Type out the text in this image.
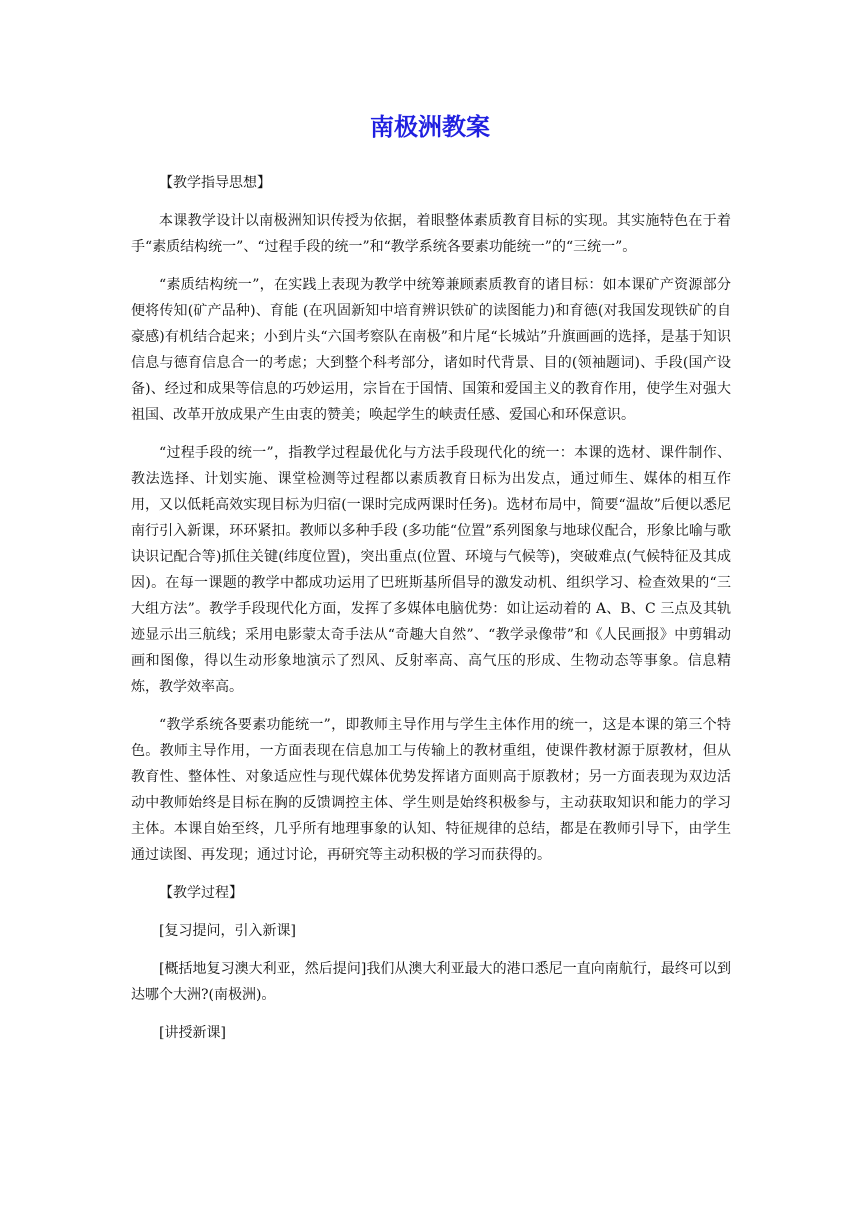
南极洲教案

【教学指导思想】

本课教学设计以南极洲知识传授为依据，着眼整体素质教育目标的实现。其实施特色在于着手“素质结构统一”、“过程手段的统一”和“教学系统各要素功能统一”的“三统一”。

“素质结构统一”，在实践上表现为教学中统筹兼顾素质教育的诸目标：如本课矿产资源部分便将传知(矿产品种)、育能 (在巩固新知中培育辨识铁矿的读图能力)和育德(对我国发现铁矿的自豪感)有机结合起来；小到片头“六国考察队在南极”和片尾“长城站”升旗画画的选择，是基于知识信息与德育信息合一的考虑；大到整个科考部分，诸如时代背景、目的(领袖题词)、手段(国产设备)、经过和成果等信息的巧妙运用，宗旨在于国情、国策和爱国主义的教育作用，使学生对强大祖国、改革开放成果产生由衷的赞美；唤起学生的峡责任感、爱国心和环保意识。

“过程手段的统一”，指教学过程最优化与方法手段现代化的统一：本课的选材、课件制作、教法选择、计划实施、课堂检测等过程都以素质教育日标为出发点，通过师生、媒体的相互作用，又以低耗高效实现目标为归宿(一课时完成两课时任务)。选材布局中，简要“温故”后便以悉尼南行引入新课，环环紧扣。教师以多种手段 (多功能“位置”系列图象与地球仪配合，形象比喻与歌诀识记配合等)抓住关键(纬度位置)，突出重点(位置、环境与气候等)，突破难点(气候特征及其成因)。在每一课题的教学中都成功运用了巴班斯基所倡导的激发动机、组织学习、检查效果的“三大组方法”。教学手段现代化方面，发挥了多媒体电脑优势：如让运动着的 A、B、C 三点及其轨迹显示出三航线；采用电影蒙太奇手法从“奇趣大自然”、“教学录像带”和《人民画报》中剪辑动画和图像，得以生动形象地演示了烈风、反射率高、高气压的形成、生物动态等事象。信息精炼，教学效率高。

“教学系统各要素功能统一”，即教师主导作用与学生主体作用的统一，这是本课的第三个特色。教师主导作用，一方面表现在信息加工与传输上的教材重组，使课件教材源于原教材，但从教育性、整体性、对象适应性与现代媒体优势发挥诸方面则高于原教材；另一方面表现为双边活动中教师始终是目标在胸的反馈调控主体、学生则是始终积极参与，主动获取知识和能力的学习主体。本课自始至终，几乎所有地理事象的认知、特征规律的总结，都是在教师引导下，由学生通过读图、再发现；通过讨论，再研究等主动积极的学习而获得的。

【教学过程】

[复习提问，引入新课]

[概括地复习澳大利亚，然后提问]我们从澳大利亚最大的港口悉尼一直向南航行，最终可以到达哪个大洲?(南极洲)。

[讲授新课]
